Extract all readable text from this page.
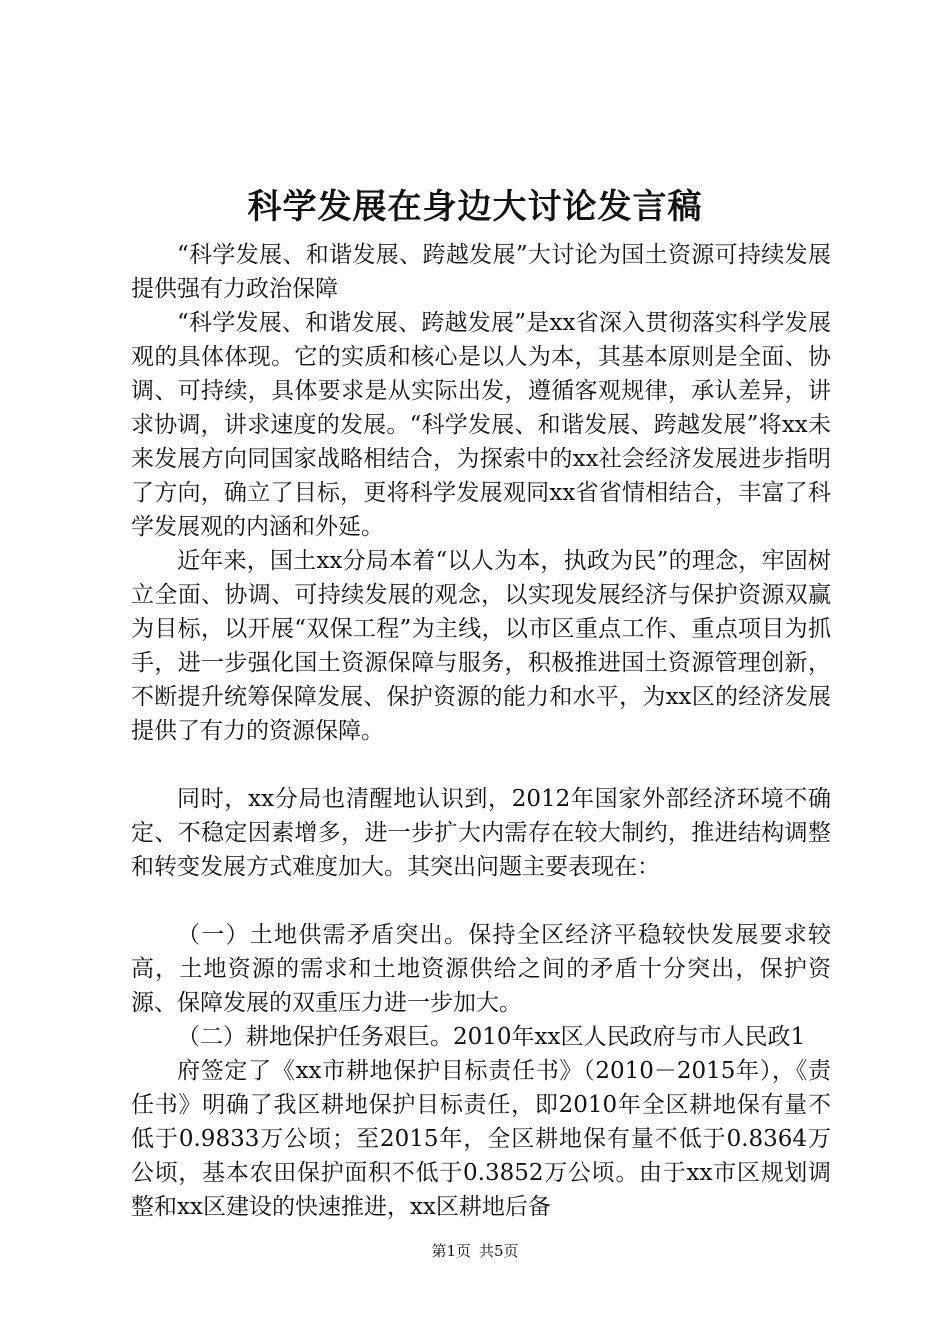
科学发展在身边大讨论发言稿

“科学发展、和谐发展、跨越发展”大讨论为国土资源可持续发展提供强有力政治保障

“科学发展、和谐发展、跨越发展”是xx省深入贯彻落实科学发展观的具体体现。它的实质和核心是以人为本，其基本原则是全面、协调、可持续，具体要求是从实际出发，遵循客观规律，承认差异，讲求协调，讲求速度的发展。“科学发展、和谐发展、跨越发展”将xx未来发展方向同国家战略相结合，为探索中的xx社会经济发展进步指明了方向，确立了目标，更将科学发展观同xx省省情相结合，丰富了科学发展观的内涵和外延。

近年来，国土xx分局本着“以人为本，执政为民”的理念，牢固树立全面、协调、可持续发展的观念，以实现发展经济与保护资源双赢为目标，以开展“双保工程”为主线，以市区重点工作、重点项目为抓手，进一步强化国土资源保障与服务，积极推进国土资源管理创新，不断提升统筹保障发展、保护资源的能力和水平，为xx区的经济发展提供了有力的资源保障。

同时，xx分局也清醒地认识到，2012年国家外部经济环境不确定、不稳定因素增多，进一步扩大内需存在较大制约，推进结构调整和转变发展方式难度加大。其突出问题主要表现在：

（一）土地供需矛盾突出。保持全区经济平稳较快发展要求较高，土地资源的需求和土地资源供给之间的矛盾十分突出，保护资源、保障发展的双重压力进一步加大。

（二）耕地保护任务艰巨。2010年xx区人民政府与市人民政1

府签定了《xx市耕地保护目标责任书》（2010－2015年），《责任书》明确了我区耕地保护目标责任，即2010年全区耕地保有量不低于0.9833万公顷；至2015年，全区耕地保有量不低于0.8364万公顷，基本农田保护面积不低于0.3852万公顷。由于xx市区规划调整和xx区建设的快速推进，xx区耕地后备

第1页 共5页
